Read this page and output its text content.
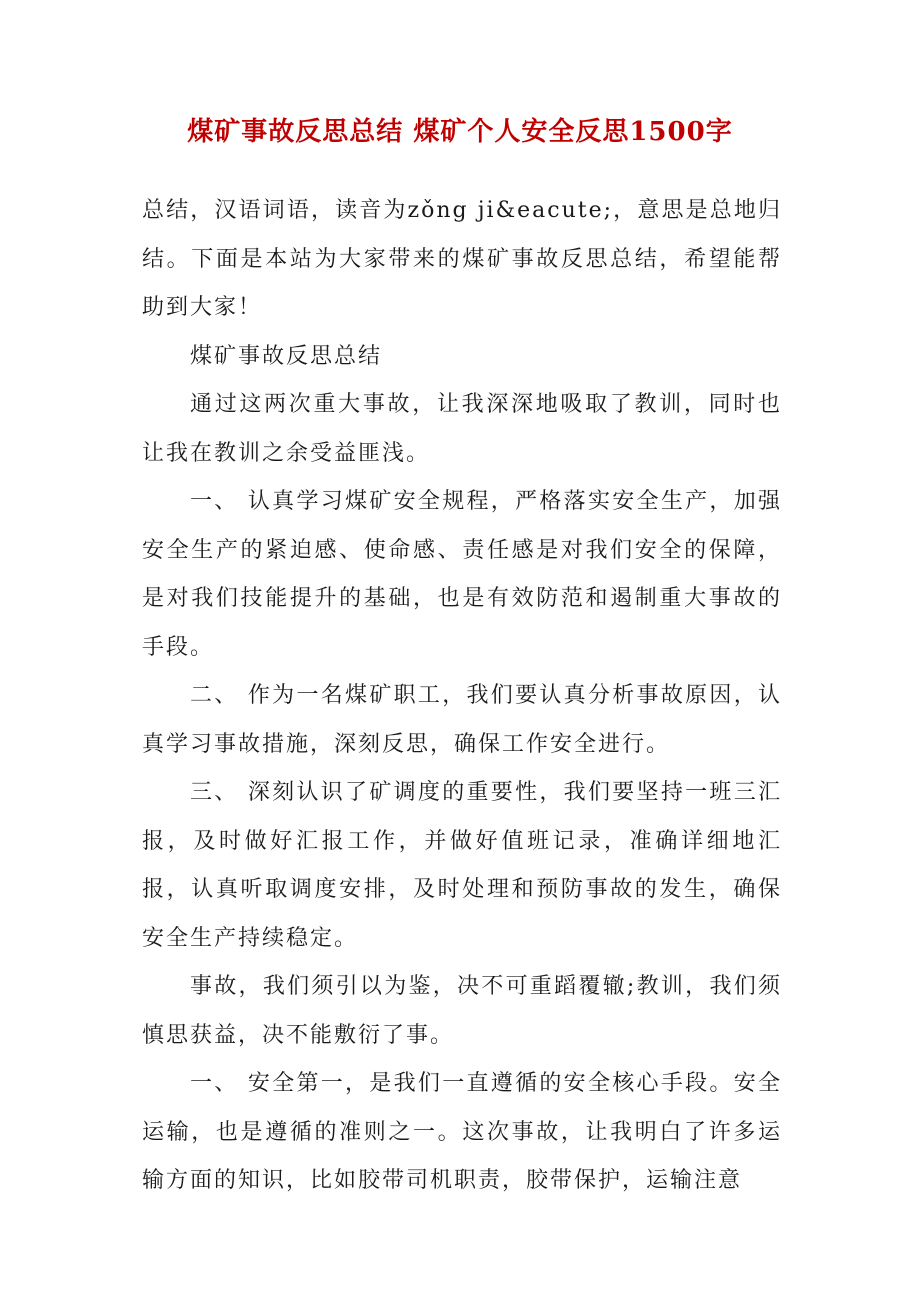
煤矿事故反思总结 煤矿个人安全反思1500字

总结，汉语词语，读音为zǒng ji&eacute;，意思是总地归结。下面是本站为大家带来的煤矿事故反思总结，希望能帮助到大家！

煤矿事故反思总结

通过这两次重大事故，让我深深地吸取了教训，同时也让我在教训之余受益匪浅。

一、 认真学习煤矿安全规程，严格落实安全生产，加强安全生产的紧迫感、使命感、责任感是对我们安全的保障，是对我们技能提升的基础，也是有效防范和遏制重大事故的手段。

二、 作为一名煤矿职工，我们要认真分析事故原因，认真学习事故措施，深刻反思，确保工作安全进行。

三、 深刻认识了矿调度的重要性，我们要坚持一班三汇报，及时做好汇报工作，并做好值班记录，准确详细地汇报，认真听取调度安排，及时处理和预防事故的发生，确保安全生产持续稳定。

事故，我们须引以为鉴，决不可重蹈覆辙;教训，我们须慎思获益，决不能敷衍了事。

一、 安全第一，是我们一直遵循的安全核心手段。安全运输，也是遵循的准则之一。这次事故，让我明白了许多运输方面的知识，比如胶带司机职责，胶带保护，运输注意
